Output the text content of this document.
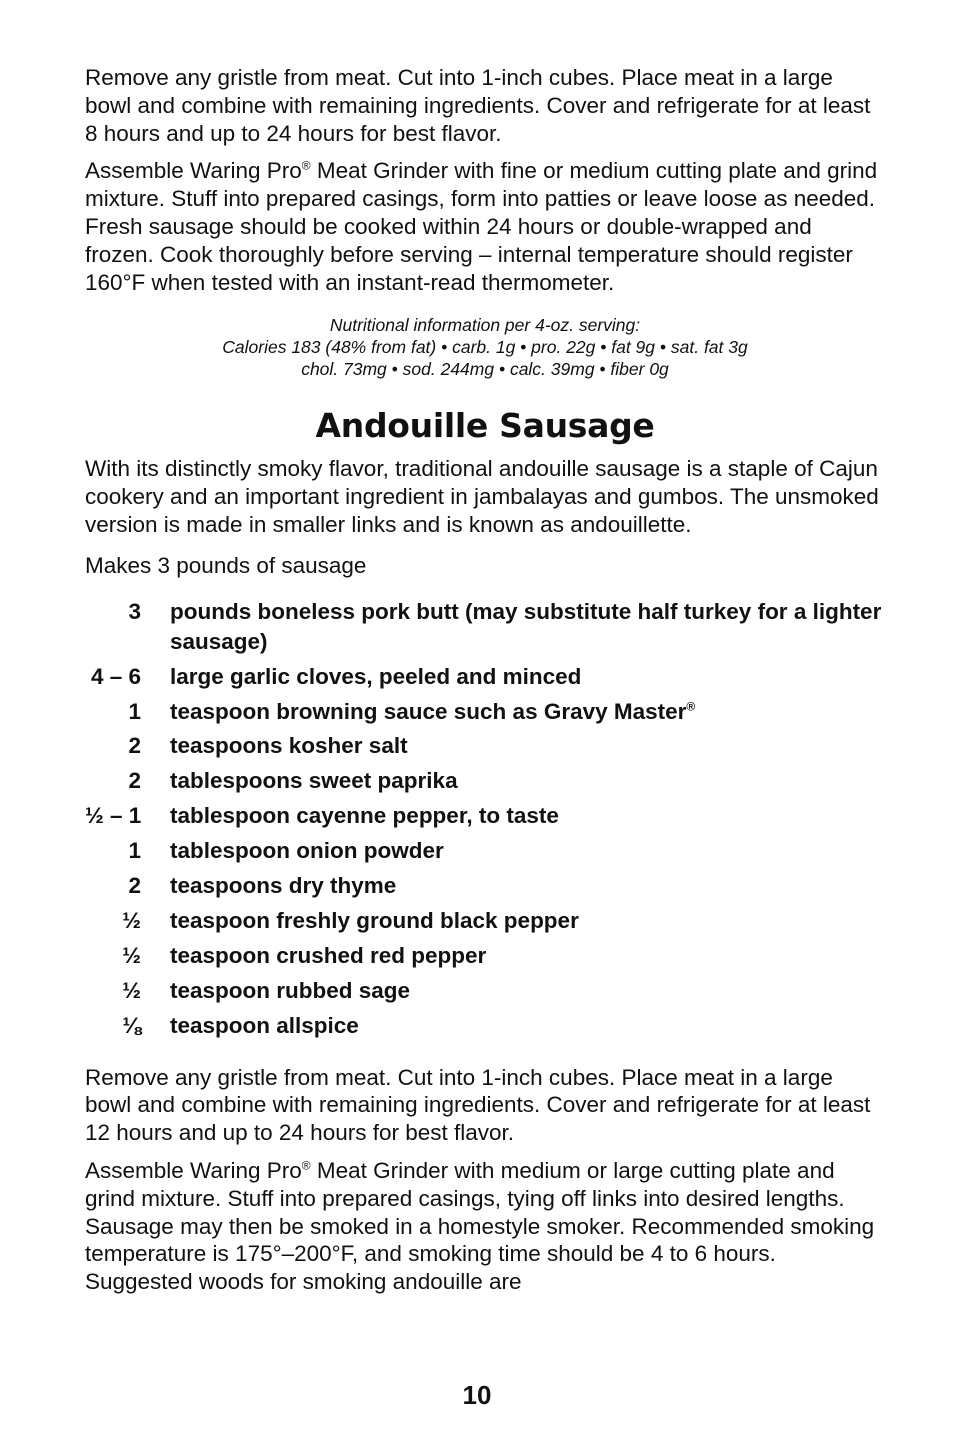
Remove any gristle from meat. Cut into 1-inch cubes. Place meat in a large bowl and combine with remaining ingredients. Cover and refrigerate for at least 8 hours and up to 24 hours for best flavor.

Assemble Waring Pro® Meat Grinder with fine or medium cutting plate and grind mixture. Stuff into prepared casings, form into patties or leave loose as needed. Fresh sausage should be cooked within 24 hours or double-wrapped and frozen. Cook thoroughly before serving – internal temperature should register 160°F when tested with an instant-read thermometer.

Nutritional information per 4-oz. serving:
Calories 183 (48% from fat) • carb. 1g • pro. 22g • fat 9g • sat. fat 3g
chol. 73mg • sod. 244mg • calc. 39mg • fiber 0g
Andouille Sausage

With its distinctly smoky flavor, traditional andouille sausage is a staple of Cajun cookery and an important ingredient in jambalayas and gumbos. The unsmoked version is made in smaller links and is known as andouillette.

Makes 3 pounds of sausage
3 pounds boneless pork butt (may substitute half turkey for a lighter sausage)
4 – 6 large garlic cloves, peeled and minced
1 teaspoon browning sauce such as Gravy Master®
2 teaspoons kosher salt
2 tablespoons sweet paprika
½ – 1 tablespoon cayenne pepper, to taste
1 tablespoon onion powder
2 teaspoons dry thyme
½ teaspoon freshly ground black pepper
½ teaspoon crushed red pepper
½ teaspoon rubbed sage
⅛ teaspoon allspice

Remove any gristle from meat. Cut into 1-inch cubes. Place meat in a large bowl and combine with remaining ingredients. Cover and refrigerate for at least 12 hours and up to 24 hours for best flavor.

Assemble Waring Pro® Meat Grinder with medium or large cutting plate and grind mixture. Stuff into prepared casings, tying off links into desired lengths. Sausage may then be smoked in a homestyle smoker. Recommended smoking temperature is 175°–200°F, and smoking time should be 4 to 6 hours. Suggested woods for smoking andouille are

10
